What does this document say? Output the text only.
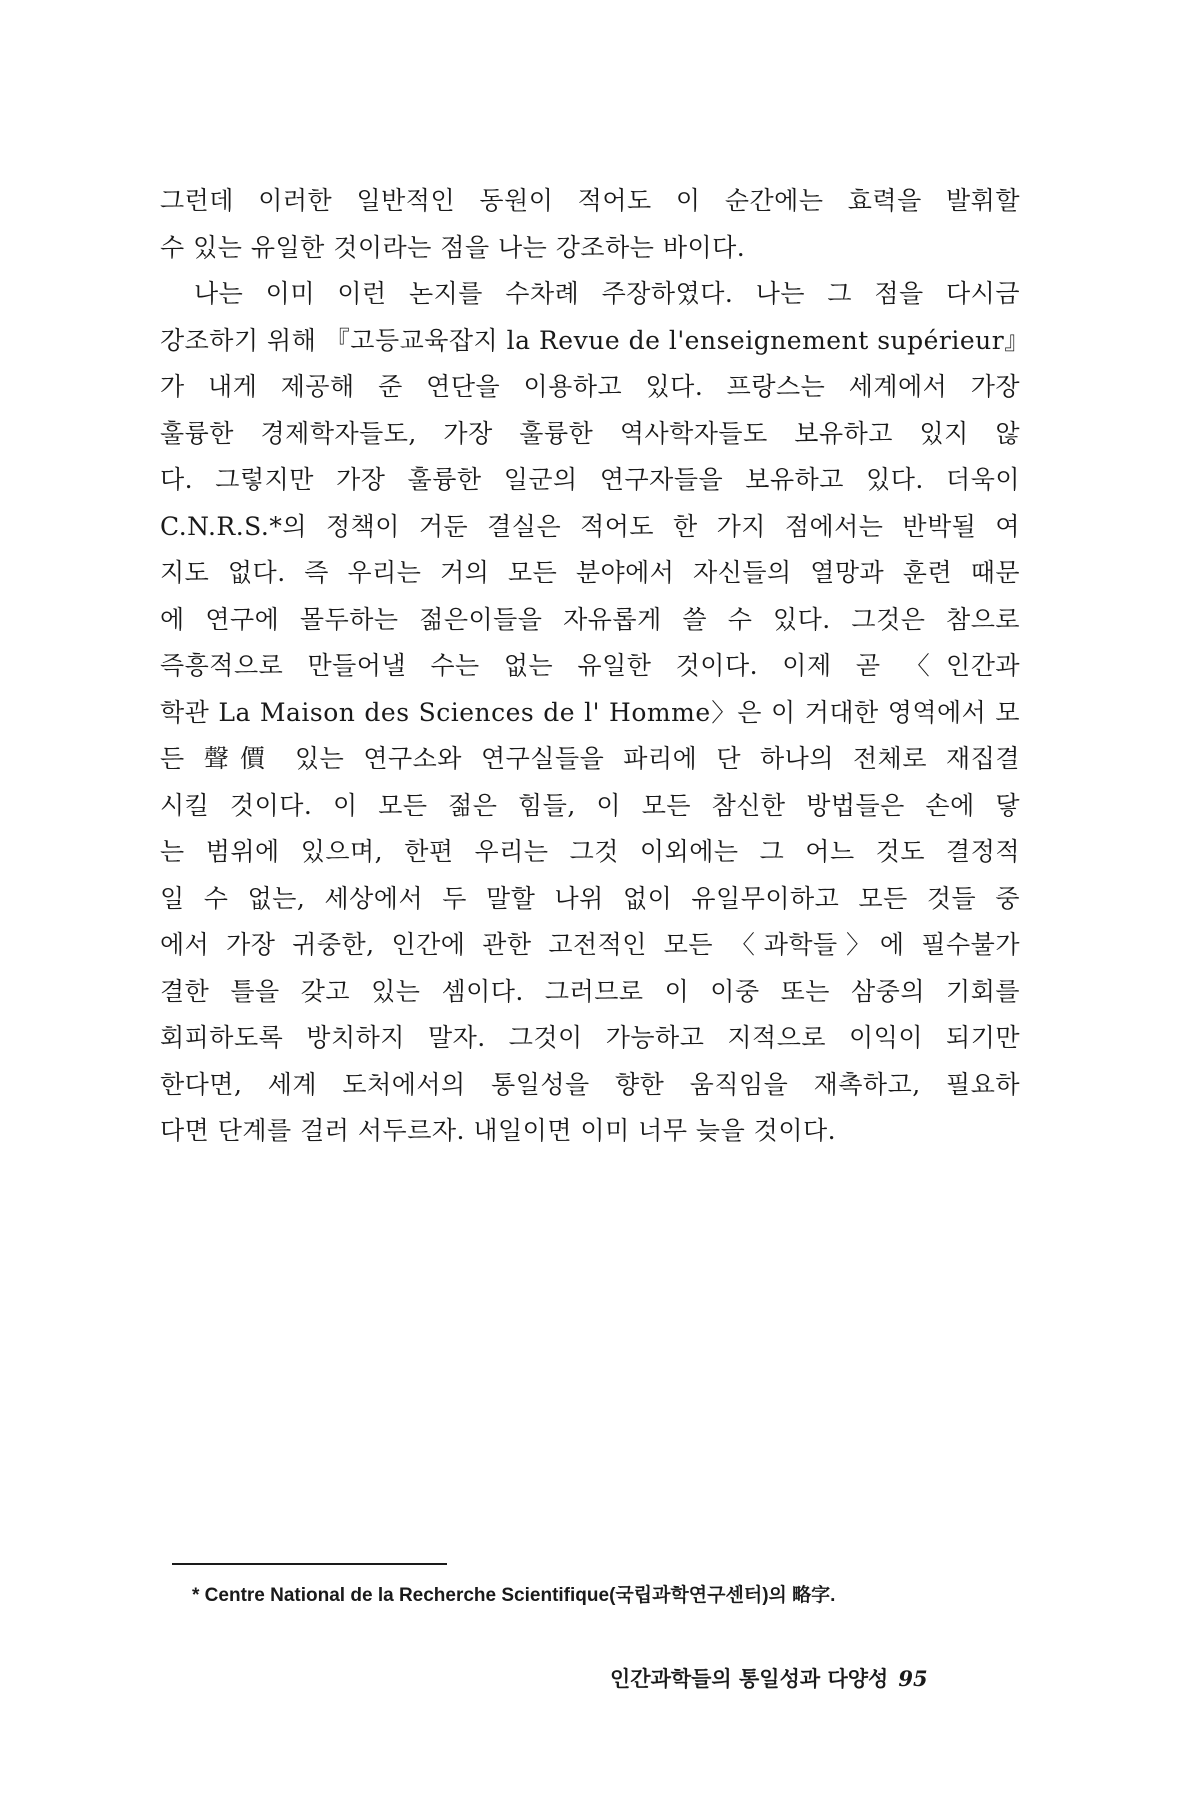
그런데 이러한 일반적인 동원이 적어도 이 순간에는 효력을 발휘할
수 있는 유일한 것이라는 점을 나는 강조하는 바이다.
나는 이미 이런 논지를 수차례 주장하였다. 나는 그 점을 다시금
강조하기 위해 『고등교육잡지 la Revue de l'enseignement supérieur』
가 내게 제공해 준 연단을 이용하고 있다. 프랑스는 세계에서 가장
훌륭한 경제학자들도, 가장 훌륭한 역사학자들도 보유하고 있지 않
다. 그렇지만 가장 훌륭한 일군의 연구자들을 보유하고 있다. 더욱이
C.N.R.S.*의 정책이 거둔 결실은 적어도 한 가지 점에서는 반박될 여
지도 없다. 즉 우리는 거의 모든 분야에서 자신들의 열망과 훈련 때문
에 연구에 몰두하는 젊은이들을 자유롭게 쓸 수 있다. 그것은 참으로
즉흥적으로 만들어낼 수는 없는 유일한 것이다. 이제 곧 〈인간과
학관 La Maison des Sciences de l' Homme〉은 이 거대한 영역에서 모
든 聲價 있는 연구소와 연구실들을 파리에 단 하나의 전체로 재집결
시킬 것이다. 이 모든 젊은 힘들, 이 모든 참신한 방법들은 손에 닿
는 범위에 있으며, 한편 우리는 그것 이외에는 그 어느 것도 결정적
일 수 없는, 세상에서 두 말할 나위 없이 유일무이하고 모든 것들 중
에서 가장 귀중한, 인간에 관한 고전적인 모든 〈과학들〉에 필수불가
결한 틀을 갖고 있는 셈이다. 그러므로 이 이중 또는 삼중의 기회를
회피하도록 방치하지 말자. 그것이 가능하고 지적으로 이익이 되기만
한다면, 세계 도처에서의 통일성을 향한 움직임을 재촉하고, 필요하
다면 단계를 걸러 서두르자. 내일이면 이미 너무 늦을 것이다.
* Centre National de la Recherche Scientifique(국립과학연구센터)의 略字.
인간과학들의 통일성과 다양성 95
